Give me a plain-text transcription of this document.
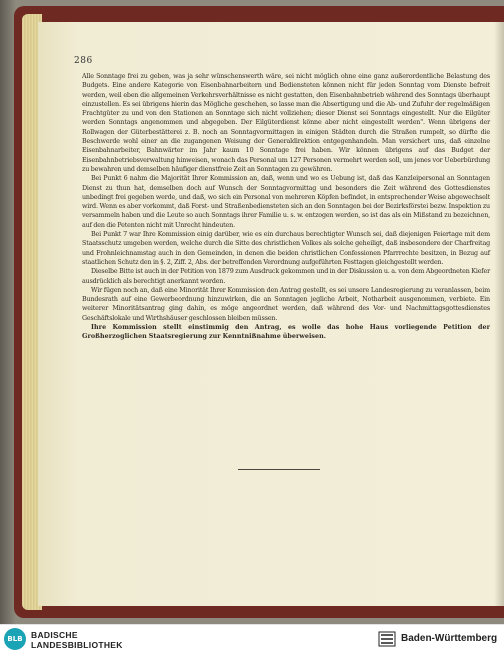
286

Alle Sonntage frei zu geben, was ja sehr wünschenswerth wäre, sei nicht möglich ohne eine ganz außerordentliche Belastung des Budgets. Eine andere Kategorie von Eisenbahnarbeitern und Bediensteten können nicht für jeden Sonntag vom Dienste befreit werden, weil eben die allgemeinen Verkehrsverhältnisse es nicht gestatten, den Eisenbahnbetrieb während des Sonntags überhaupt einzustellen. Es sei übrigens hierin das Mögliche geschehen, so lasse man die Absertigung und die Ab- und Zufuhr der regelmäßigen Frachtgüter zu und von den Stationen an Sonntage sich nicht vollziehen; dieser Dienst sei Sonntags eingestellt. Nur die Eilgüter werden Sonntags angenommen und abgegeben. Der Eilgüterdienst könne aber nicht eingestellt werden". Wenn übrigens der Rollwagen der Güterbestätterei z. B. noch an Sonntagvormittagen in einigen Städten durch die Straßen rumpelt, so dürfte die Beschwerde wohl einer an die zugangenen Weisung der Generaldirektion entgegenhandeln. Man versichert uns, daß einzelne Eisenbahnarbeiter, Bahnwärter im Jahr kaum 10 Sonntage frei haben. Wir können übrigens auf das Budget der Eisenbahnbetriebsverwaltung hinweisen, wonach das Personal um 127 Personen vermehrt werden soll, um jenes vor Ueberbürdung zu bewahren und demselben häufiger dienstfreie Zeit an Sonntagen zu gewähren.

Bei Punkt 6 nahm die Majorität Ihrer Kommission an, daß, wenn und wo es Uebung ist, daß das Kanzleipersonal an Sonntagen Dienst zu thun hat, demselben doch auf Wunsch der Sonntagvormittag und besonders die Zeit während des Gottesdienstes unbedingt frei gegeben werde, und daß, wo sich ein Personal von mehreren Köpfen befindet, in entsprechender Weise abgewechselt wird. Wenn es aber vorkommt, daß Forst- und Straßenbediensteten sich an den Sonntagen bei der Bezirksförstei bezw. Inspektion zu versammeln haben und die Leute so auch Sonntags ihrer Familie u. s. w. entzogen werden, so ist das als ein Mißstand zu bezeichnen, auf den die Petenten nicht mit Unrecht hindeuten.

Bei Punkt 7 war Ihre Kommission einig darüber, wie es ein durchaus berechtigter Wunsch sei, daß diejenigen Feiertage mit dem Staatsschutz umgeben werden, welche durch die Sitte des christlichen Volkes als solche geheiligt, daß insbesondere der Charfreitag und Frohnleichnamstag auch in den Gemeinden, in denen die beiden christlichen Confessionen Pfarrrechte besitzen, in Bezug auf staatlichen Schutz den in §. 2, Ziff. 2, Abs. der betreffenden Verordnung aufgeführten Festtagen gleichgestellt werden.

Dieselbe Bitte ist auch in der Petition von 1879 zum Ausdruck gekommen und in der Diskussion u. a. von dem Abgeordneten Kiefer ausdrücklich als berechtigt anerkannt worden.

Wir fügen noch an, daß eine Minorität Ihrer Kommission den Antrag gestellt, es sei unsere Landesregierung zu veranlassen, beim Bundesrath auf eine Gewerbeordnung hinzuwirken, die an Sonntagen jegliche Arbeit, Notharbeit ausgenommen, verbiete. Ein weiterer Minoritätsantrag ging dahin, es möge angeordnet werden, daß während des Vor- und Nachmittagsgottesdienstes Geschäftslokale und Wirthshäuser geschlossen bleiben müssen.

Ihre Kommission stellt einstimmig den Antrag, es wolle das hohe Haus vorliegende Petition der Großherzoglichen Staatsregierung zur Kenntnißnahme überweisen.

BLB BADISCHE
LANDESBIBLIOTHEK
Baden-Württemberg
